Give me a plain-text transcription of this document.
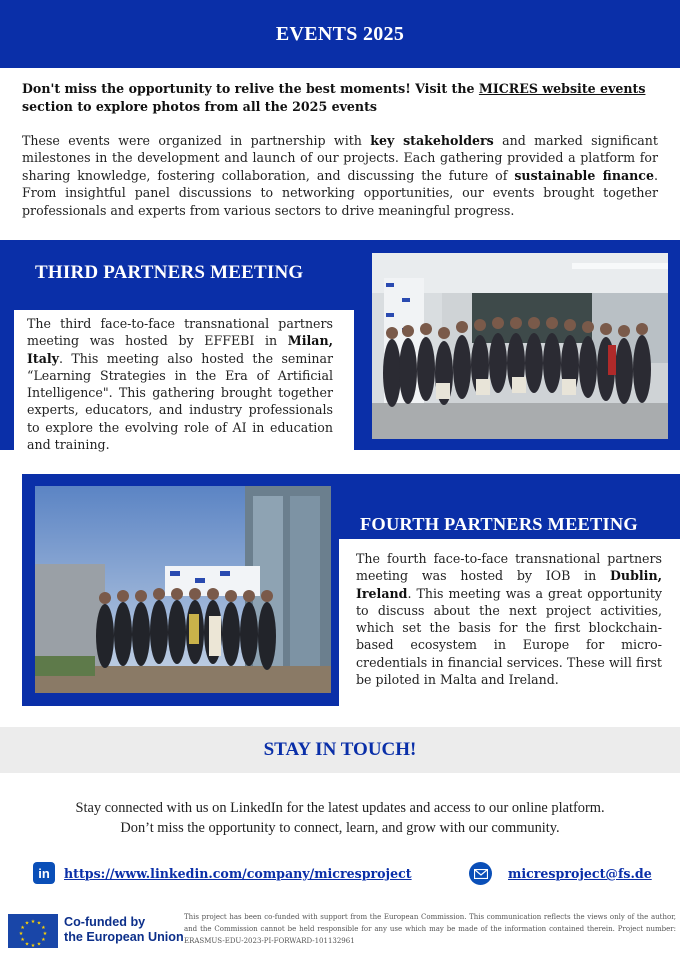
EVENTS 2025

Don't miss the opportunity to relive the best moments! Visit the MICRES website events section to explore photos from all the 2025 events

These events were organized in partnership with key stakeholders and marked significant milestones in the development and launch of our projects. Each gathering provided a platform for sharing knowledge, fostering collaboration, and discussing the future of sustainable finance. From insightful panel discussions to networking opportunities, our events brought together professionals and experts from various sectors to drive meaningful progress.

THIRD PARTNERS MEETING

The third face-to-face transnational partners meeting was hosted by EFFEBI in Milan, Italy. This meeting also hosted the seminar “Learning Strategies in the Era of Artificial Intelligence". This gathering brought together experts, educators, and industry professionals to explore the evolving role of AI in education and training.

FOURTH PARTNERS MEETING

The fourth face-to-face transnational partners meeting was hosted by IOB in Dublin, Ireland. This meeting was a great opportunity to discuss about the next project activities, which set the basis for the first blockchain-based ecosystem in Europe for micro-credentials in financial services. These will first be piloted in Malta and Ireland.

STAY IN TOUCH!
Stay connected with us on LinkedIn for the latest updates and access to our online platform.
Don’t miss the opportunity to connect, learn, and grow with our community.
in	https://www.linkedin.com/company/micresproject	micresproject@fs.de
★ ★
★
★
★
★
★
★
★
★
★
★	Co-funded by
the European Union

This project has been co-funded with support from the European Commission. This communication reflects the views only of the author, and the Commission cannot be held responsible for any use which may be made of the information contained therein. Project number: ERASMUS-EDU-2023-PI-FORWARD-101132961
